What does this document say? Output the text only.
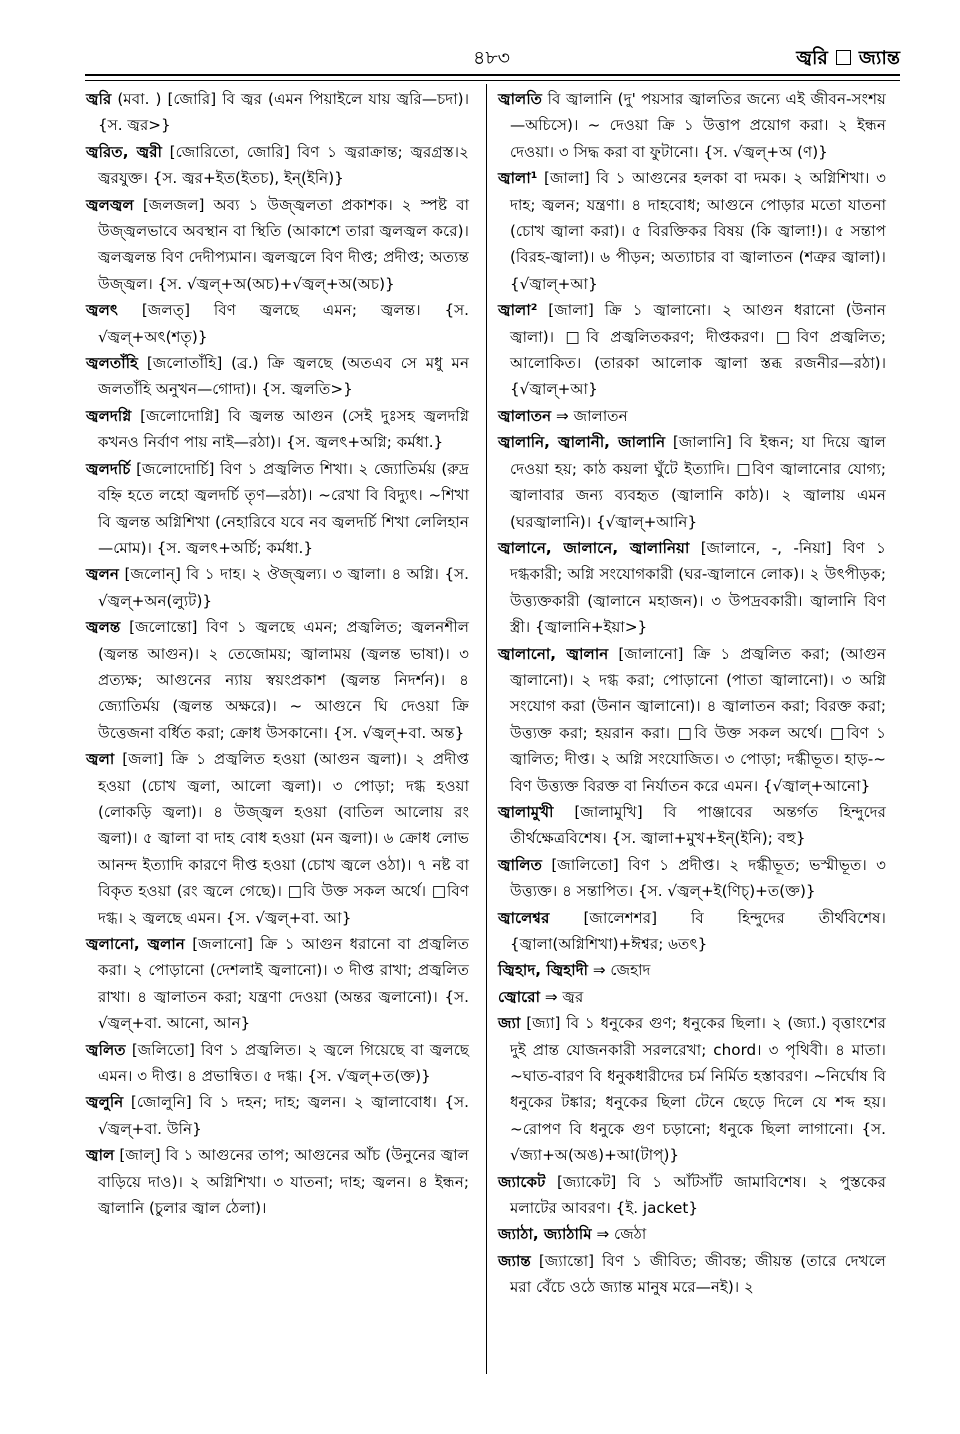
৪৮৩	জ্বরি জ্যান্ত

জ্বরি (মবা. ) [জোরি] বি জ্বর (এমন পিয়াইলে যায় জ্বরি—চদা)। {স. জ্বর>}

জ্বরিত, জ্বরী [জোরিতো, জোরি] বিণ ১ জ্বরাক্রান্ত; জ্বরগ্রস্ত।২ জ্বরযুক্ত। {স. জ্বর+ইত(ইতচ), ইন্(ইনি)}

জ্বলজ্বল [জলজল] অব্য ১ উজ্জ্বলতা প্রকাশক। ২ স্পষ্ট বা উজ্জ্বলভাবে অবস্থান বা স্থিতি (আকাশে তারা জ্বলজ্বল করে)। জ্বলজ্বলন্ত বিণ দেদীপ্যমান। জ্বলজ্বলে বিণ দীপ্ত; প্রদীপ্ত; অত্যন্ত উজ্জ্বল। {স. √জ্বল্+অ(অচ)+√জ্বল্+অ(অচ)}

জ্বলৎ [জলত্] বিণ জ্বলছে এমন; জ্বলন্ত। {স. √জ্বল্+অৎ(শতৃ)}

জ্বলতাঁহি [জলোতাঁহি] (ব্র.) ক্রি জ্বলছে (অতএব সে মধু মন জলতাঁহি অনুখন—গোদা)। {স. জ্বলতি>}

জ্বলদগ্নি [জলোদোগ্নি] বি জ্বলন্ত আগুন (সেই দুঃসহ জ্বলদগ্নি কখনও নির্বাণ পায় নাই—রঠা)। {স. জ্বলৎ+অগ্নি; কর্মধা.}

জ্বলদর্চি [জলোদোর্চি] বিণ ১ প্রজ্বলিত শিখা। ২ জ্যোতির্ময় (রুদ্র বহ্নি হতে লহো জ্বলদর্চি তৃণ—রঠা)। ~রেখা বি বিদ্যুৎ। ~শিখা বি জ্বলন্ত অগ্নিশিখা (নেহারিবে যবে নব জ্বলদর্চি শিখা লেলিহান—মোম)। {স. জ্বলৎ+অর্চি; কর্মধা.}

জ্বলন [জলোন্] বি ১ দাহ। ২ ঔজ্জ্বল্য। ৩ জ্বালা। ৪ অগ্নি। {স. √জ্বল্+অন(ল্যুট)}

জ্বলন্ত [জলোন্তো] বিণ ১ জ্বলছে এমন; প্রজ্বলিত; জ্বলনশীল (জ্বলন্ত আগুন)। ২ তেজোময়; জ্বালাময় (জ্বলন্ত ভাষা)। ৩ প্রত্যক্ষ; আগুনের ন্যায় স্বয়ংপ্রকাশ (জ্বলন্ত নিদর্শন)। ৪ জ্যোতির্ময় (জ্বলন্ত অক্ষরে)। ~ আগুনে ঘি দেওয়া ক্রি উত্তেজনা বর্ধিত করা; ক্রোধ উসকানো। {স. √জ্বল্+বা. অন্ত}

জ্বলা [জলা] ক্রি ১ প্রজ্বলিত হওয়া (আগুন জ্বলা)। ২ প্রদীপ্ত হওয়া (চোখ জ্বলা, আলো জ্বলা)। ৩ পোড়া; দগ্ধ হওয়া (লোকড়ি জ্বলা)। ৪ উজ্জ্বল হওয়া (বাতিল আলোয় রং জ্বলা)। ৫ জ্বালা বা দাহ বোধ হওয়া (মন জ্বলা)। ৬ ক্রোধ লোভ আনন্দ ইত্যাদি কারণে দীপ্ত হওয়া (চোখ জ্বলে ওঠা)। ৭ নষ্ট বা বিকৃত হওয়া (রং জ্বলে গেছে)। □বি উক্ত সকল অর্থে। □বিণ দগ্ধ। ২ জ্বলছে এমন। {স. √জ্বল্+বা. আ}

জ্বলানো, জ্বলান [জলানো] ক্রি ১ আগুন ধরানো বা প্রজ্বলিত করা। ২ পোড়ানো (দেশলাই জ্বলানো)। ৩ দীপ্ত রাখা; প্রজ্বলিত রাখা। ৪ জ্বালাতন করা; যন্ত্রণা দেওয়া (অন্তর জ্বলানো)। {স. √জ্বল্+বা. আনো, আন}

জ্বলিত [জলিতো] বিণ ১ প্রজ্বলিত। ২ জ্বলে গিয়েছে বা জ্বলছে এমন। ৩ দীপ্ত। ৪ প্রভান্বিত। ৫ দগ্ধ। {স. √জ্বল্+ত(ক্ত)}

জ্বলুনি [জোলুনি] বি ১ দহন; দাহ; জ্বলন। ২ জ্বালাবোধ। {স. √জ্বল্+বা. উনি}

জ্বাল [জাল্] বি ১ আগুনের তাপ; আগুনের আঁচ (উনুনের জ্বাল বাড়িয়ে দাও)। ২ অগ্নিশিখা। ৩ যাতনা; দাহ; জ্বলন। ৪ ইন্ধন; জ্বালানি (চুলার জ্বাল ঠেলা)।

জ্বালতি বি জ্বালানি (দু' পয়সার জ্বালতির জন্যে এই জীবন-সংশয়—অচিসে)। ~ দেওয়া ক্রি ১ উত্তাপ প্রয়োগ করা। ২ ইন্ধন দেওয়া। ৩ সিদ্ধ করা বা ফুটানো। {স. √জ্বল্+অ (ণ)}

জ্বালা¹ [জালা] বি ১ আগুনের হলকা বা দমক। ২ অগ্নিশিখা। ৩ দাহ; জ্বলন; যন্ত্রণা। ৪ দাহবোধ; আগুনে পোড়ার মতো যাতনা (চোখ জ্বালা করা)। ৫ বিরক্তিকর বিষয় (কি জ্বালা!)। ৫ সন্তাপ (বিরহ-জ্বালা)। ৬ পীড়ন; অত্যাচার বা জ্বালাতন (শত্রুর জ্বালা)। {√জ্বাল্+আ}

জ্বালা² [জালা] ক্রি ১ জ্বালানো। ২ আগুন ধরানো (উনান জ্বালা)। □বি প্রজ্বলিতকরণ; দীপ্তকরণ। □বিণ প্রজ্বলিত; আলোকিত। (তারকা আলোক জ্বালা স্তব্ধ রজনীর—রঠা)। {√জ্বাল্+আ}

জ্বালাতন ⇒ জালাতন

জ্বালানি, জ্বালানী, জালানি [জালানি] বি ইন্ধন; যা দিয়ে জ্বাল দেওয়া হয়; কাঠ কয়লা ঘুঁটে ইত্যাদি। □বিণ জ্বালানোর যোগ্য; জ্বালাবার জন্য ব্যবহৃত (জ্বালানি কাঠ)। ২ জ্বালায় এমন (ঘরজ্বালানি)। {√জ্বাল্+আনি}

জ্বালানে, জালানে, জ্বালানিয়া [জালানে, -, -নিয়া] বিণ ১ দগ্ধকারী; অগ্নি সংযোগকারী (ঘর-জ্বালানে লোক)। ২ উৎপীড়ক; উত্ত্যক্তকারী (জ্বালানে মহাজন)। ৩ উপদ্রবকারী। জ্বালানি বিণ স্ত্রী। {জ্বালানি+ইয়া>}

জ্বালানো, জ্বালান [জালানো] ক্রি ১ প্রজ্বলিত করা; (আগুন জ্বালানো)। ২ দগ্ধ করা; পোড়ানো (পাতা জ্বালানো)। ৩ অগ্নি সংযোগ করা (উনান জ্বালানো)। ৪ জ্বালাতন করা; বিরক্ত করা; উত্ত্যক্ত করা; হয়রান করা। □বি উক্ত সকল অর্থে। □বিণ ১ জ্বালিত; দীপ্ত। ২ অগ্নি সংযোজিত। ৩ পোড়া; দগ্ধীভূত। হাড়-~ বিণ উত্ত্যক্ত বিরক্ত বা নির্যাতন করে এমন। {√জ্বাল্+আনো}

জ্বালামুখী [জালামুখি] বি পাঞ্জাবের অন্তর্গত হিন্দুদের তীর্থক্ষেত্রবিশেষ। {স. জ্বালা+মুখ+ইন্(ইনি); বহু}

জ্বালিত [জালিতো] বিণ ১ প্রদীপ্ত। ২ দগ্ধীভূত; ভস্মীভূত। ৩ উত্ত্যক্ত। ৪ সন্তাপিত। {স. √জ্বল্+ই(ণিচ্)+ত(ক্ত)}

জ্বালেশ্বর [জালেশশর] বি হিন্দুদের তীর্থবিশেষ। {জ্বালা(অগ্নিশিখা)+ঈশ্বর; ৬তৎ}

জ্বিহাদ, জ্বিহাদী ⇒ জেহাদ

জ্বোরো ⇒ জ্বর

জ্যা [জ্যা] বি ১ ধনুকের গুণ; ধনুকের ছিলা। ২ (জ্যা.) বৃত্তাংশের দুই প্রান্ত যোজনকারী সরলরেখা; chord। ৩ পৃথিবী। ৪ মাতা। ~ঘাত-বারণ বি ধনুকধারীদের চর্ম নির্মিত হস্তাবরণ। ~নির্ঘোষ বি ধনুকের টঙ্কার; ধনুকের ছিলা টেনে ছেড়ে দিলে যে শব্দ হয়। ~রোপণ বি ধনুকে গুণ চড়ানো; ধনুকে ছিলা লাগানো। {স. √জ্যা+অ(অঙ)+আ(টাপ্)}

জ্যাকেট [জ্যাকেট] বি ১ আঁটসাঁট জামাবিশেষ। ২ পুস্তকের মলাটের আবরণ। {ই. jacket}

জ্যাঠা, জ্যাঠামি ⇒ জেঠা

জ্যান্ত [জ্যান্তো] বিণ ১ জীবিত; জীবন্ত; জীয়ন্ত (তারে দেখলে মরা বেঁচে ওঠে জ্যান্ত মানুষ মরে—নই)। ২
